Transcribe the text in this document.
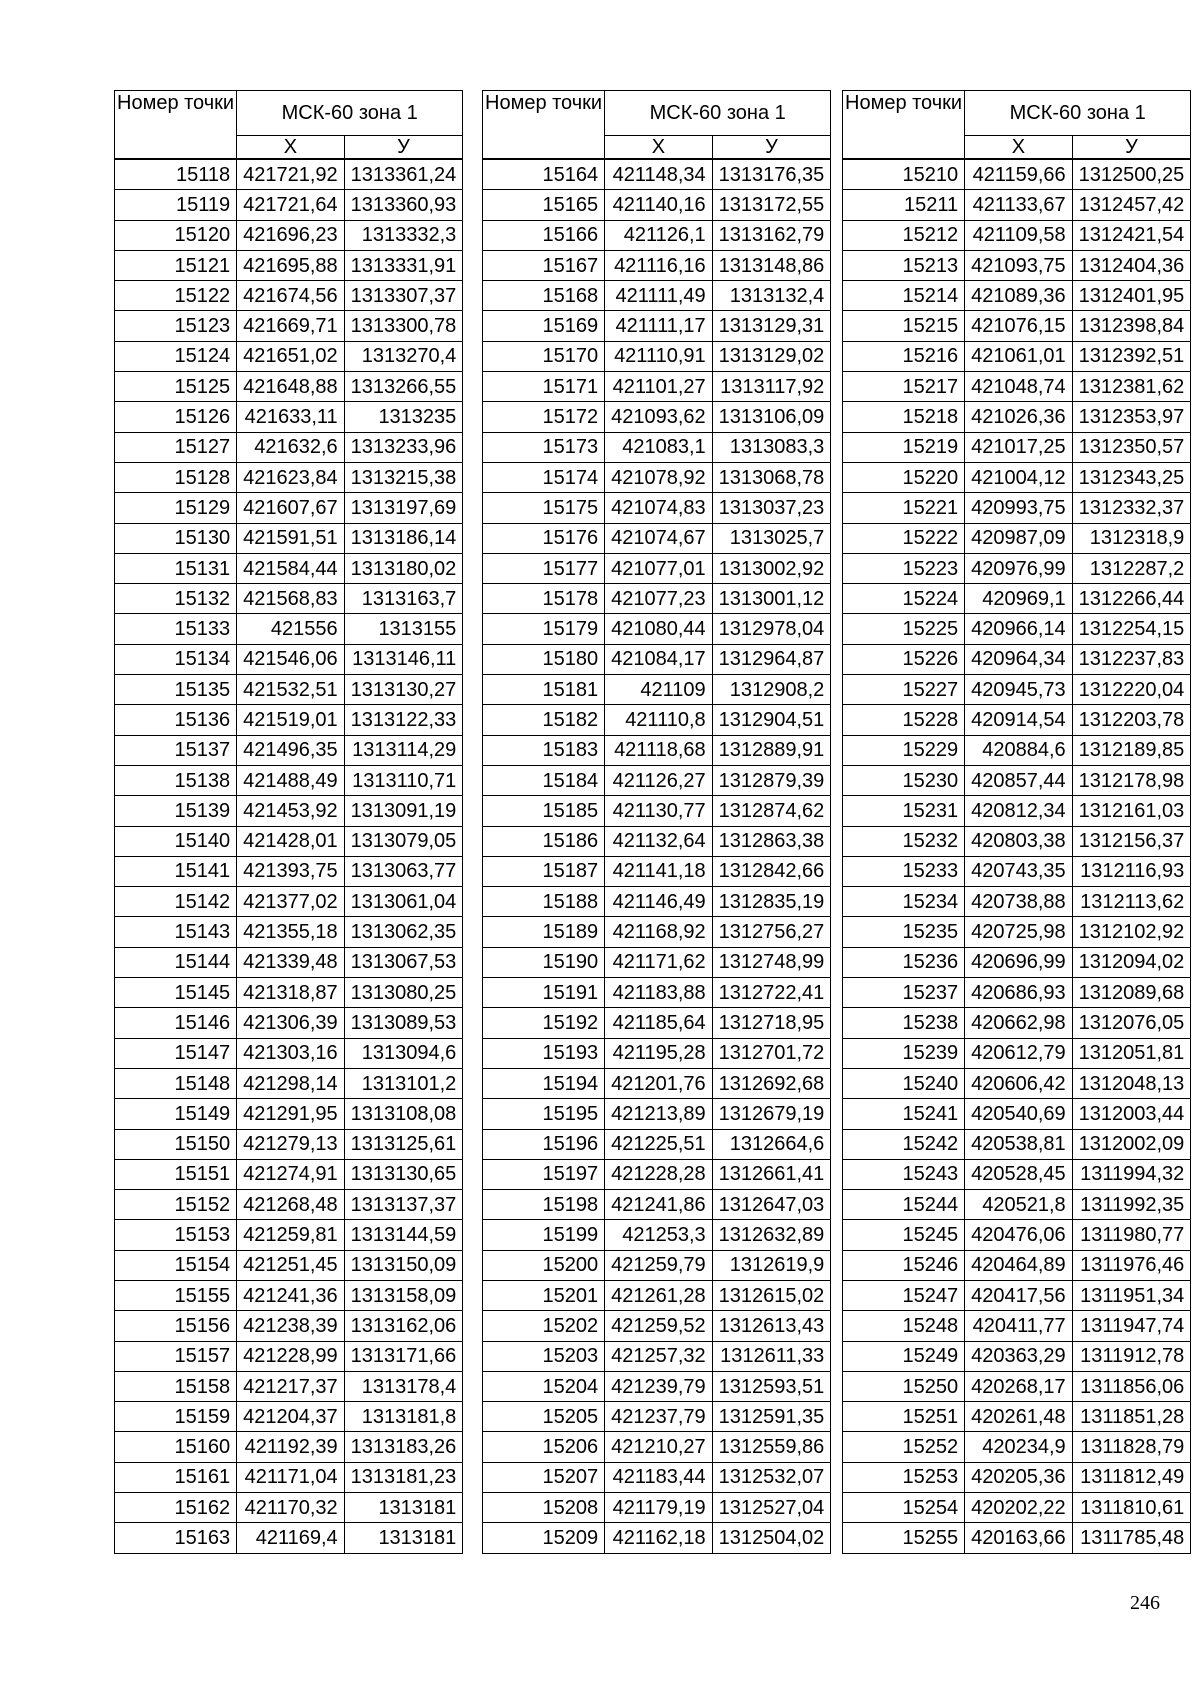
Номер точки	МСК-60 зона 1	
	Х	У
15118	421721,92	1313361,24
15119	421721,64	1313360,93
15120	421696,23	1313332,3
15121	421695,88	1313331,91
15122	421674,56	1313307,37
15123	421669,71	1313300,78
15124	421651,02	1313270,4
15125	421648,88	1313266,55
15126	421633,11	1313235
15127	421632,6	1313233,96
15128	421623,84	1313215,38
15129	421607,67	1313197,69
15130	421591,51	1313186,14
15131	421584,44	1313180,02
15132	421568,83	1313163,7
15133	421556	1313155
15134	421546,06	1313146,11
15135	421532,51	1313130,27
15136	421519,01	1313122,33
15137	421496,35	1313114,29
15138	421488,49	1313110,71
15139	421453,92	1313091,19
15140	421428,01	1313079,05
15141	421393,75	1313063,77
15142	421377,02	1313061,04
15143	421355,18	1313062,35
15144	421339,48	1313067,53
15145	421318,87	1313080,25
15146	421306,39	1313089,53
15147	421303,16	1313094,6
15148	421298,14	1313101,2
15149	421291,95	1313108,08
15150	421279,13	1313125,61
15151	421274,91	1313130,65
15152	421268,48	1313137,37
15153	421259,81	1313144,59
15154	421251,45	1313150,09
15155	421241,36	1313158,09
15156	421238,39	1313162,06
15157	421228,99	1313171,66
15158	421217,37	1313178,4
15159	421204,37	1313181,8
15160	421192,39	1313183,26
15161	421171,04	1313181,23
15162	421170,32	1313181
15163	421169,4	1313181
Номер точки	МСК-60 зона 1	
	Х	У
15164	421148,34	1313176,35
15165	421140,16	1313172,55
15166	421126,1	1313162,79
15167	421116,16	1313148,86
15168	421111,49	1313132,4
15169	421111,17	1313129,31
15170	421110,91	1313129,02
15171	421101,27	1313117,92
15172	421093,62	1313106,09
15173	421083,1	1313083,3
15174	421078,92	1313068,78
15175	421074,83	1313037,23
15176	421074,67	1313025,7
15177	421077,01	1313002,92
15178	421077,23	1313001,12
15179	421080,44	1312978,04
15180	421084,17	1312964,87
15181	421109	1312908,2
15182	421110,8	1312904,51
15183	421118,68	1312889,91
15184	421126,27	1312879,39
15185	421130,77	1312874,62
15186	421132,64	1312863,38
15187	421141,18	1312842,66
15188	421146,49	1312835,19
15189	421168,92	1312756,27
15190	421171,62	1312748,99
15191	421183,88	1312722,41
15192	421185,64	1312718,95
15193	421195,28	1312701,72
15194	421201,76	1312692,68
15195	421213,89	1312679,19
15196	421225,51	1312664,6
15197	421228,28	1312661,41
15198	421241,86	1312647,03
15199	421253,3	1312632,89
15200	421259,79	1312619,9
15201	421261,28	1312615,02
15202	421259,52	1312613,43
15203	421257,32	1312611,33
15204	421239,79	1312593,51
15205	421237,79	1312591,35
15206	421210,27	1312559,86
15207	421183,44	1312532,07
15208	421179,19	1312527,04
15209	421162,18	1312504,02
Номер точки	МСК-60 зона 1	
	Х	У
15210	421159,66	1312500,25
15211	421133,67	1312457,42
15212	421109,58	1312421,54
15213	421093,75	1312404,36
15214	421089,36	1312401,95
15215	421076,15	1312398,84
15216	421061,01	1312392,51
15217	421048,74	1312381,62
15218	421026,36	1312353,97
15219	421017,25	1312350,57
15220	421004,12	1312343,25
15221	420993,75	1312332,37
15222	420987,09	1312318,9
15223	420976,99	1312287,2
15224	420969,1	1312266,44
15225	420966,14	1312254,15
15226	420964,34	1312237,83
15227	420945,73	1312220,04
15228	420914,54	1312203,78
15229	420884,6	1312189,85
15230	420857,44	1312178,98
15231	420812,34	1312161,03
15232	420803,38	1312156,37
15233	420743,35	1312116,93
15234	420738,88	1312113,62
15235	420725,98	1312102,92
15236	420696,99	1312094,02
15237	420686,93	1312089,68
15238	420662,98	1312076,05
15239	420612,79	1312051,81
15240	420606,42	1312048,13
15241	420540,69	1312003,44
15242	420538,81	1312002,09
15243	420528,45	1311994,32
15244	420521,8	1311992,35
15245	420476,06	1311980,77
15246	420464,89	1311976,46
15247	420417,56	1311951,34
15248	420411,77	1311947,74
15249	420363,29	1311912,78
15250	420268,17	1311856,06
15251	420261,48	1311851,28
15252	420234,9	1311828,79
15253	420205,36	1311812,49
15254	420202,22	1311810,61
15255	420163,66	1311785,48
246
